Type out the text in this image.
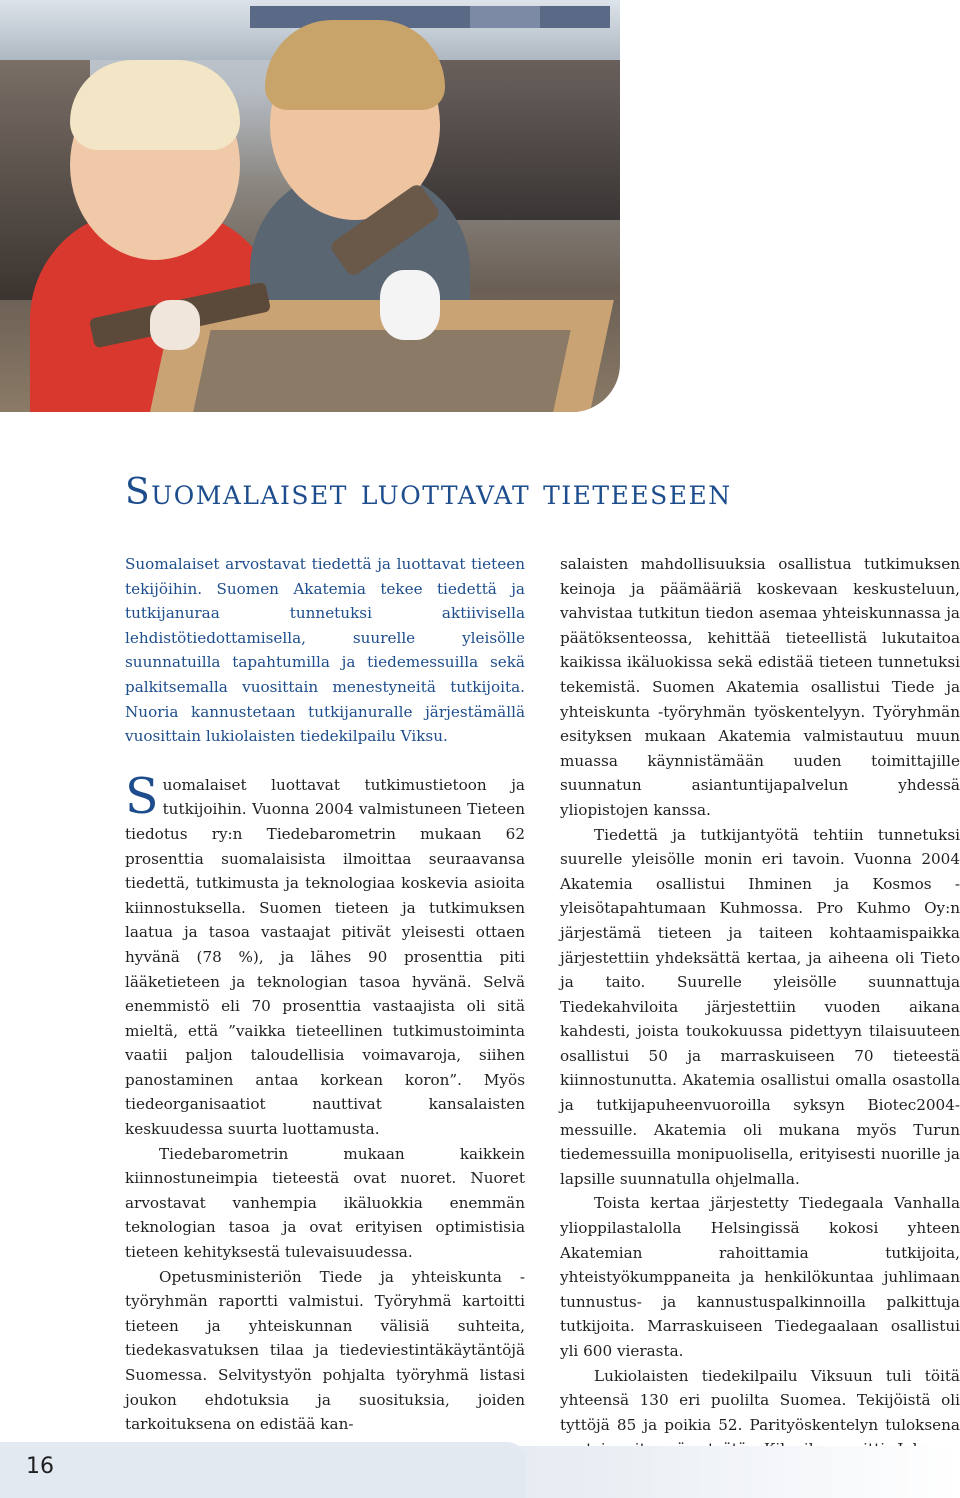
Suomalaiset luottavat tieteeseen

Suomalaiset arvostavat tiedettä ja luottavat tieteen tekijöihin. Suomen Akatemia tekee tiedettä ja tutkijanuraa tunnetuksi aktiivisella lehdistötiedottamisella, suurelle yleisölle suunnatuilla tapahtumilla ja tiedemessuilla sekä palkitsemalla vuosittain menestyneitä tutkijoita. Nuoria kannustetaan tutkijanuralle järjestämällä vuosittain lukiolaisten tiedekilpailu Viksu.

Suomalaiset luottavat tutkimustietoon ja tutkijoihin. Vuonna 2004 valmistuneen Tieteen tiedotus ry:n Tiedebarometrin mukaan 62 prosenttia suomalaisista ilmoittaa seuraavansa tiedettä, tutkimusta ja teknologiaa koskevia asioita kiinnostuksella. Suomen tieteen ja tutkimuksen laatua ja tasoa vastaajat pitivät yleisesti ottaen hyvänä (78 %), ja lähes 90 prosenttia piti lääketieteen ja teknologian tasoa hyvänä. Selvä enemmistö eli 70 prosenttia vastaajista oli sitä mieltä, että ”vaikka tieteellinen tutkimustoiminta vaatii paljon taloudellisia voimavaroja, siihen panostaminen antaa korkean koron”. Myös tiedeorganisaatiot nauttivat kansalaisten keskuudessa suurta luottamusta.

Tiedebarometrin mukaan kaikkein kiinnostuneimpia tieteestä ovat nuoret. Nuoret arvostavat vanhempia ikäluokkia enemmän teknologian tasoa ja ovat erityisen optimistisia tieteen kehityksestä tulevaisuudessa.

Opetusministeriön Tiede ja yhteiskunta -työryhmän raportti valmistui. Työryhmä kartoitti tieteen ja yhteiskunnan välisiä suhteita, tiedekasvatuksen tilaa ja tiedeviestintäkäytäntöjä Suomessa. Selvitystyön pohjalta työryhmä listasi joukon ehdotuksia ja suosituksia, joiden tarkoituksena on edistää kan-

salaisten mahdollisuuksia osallistua tutkimuksen keinoja ja päämääriä koskevaan keskusteluun, vahvistaa tutkitun tiedon asemaa yhteiskunnassa ja päätöksenteossa, kehittää tieteellistä lukutaitoa kaikissa ikäluokissa sekä edistää tieteen tunnetuksi tekemistä. Suomen Akatemia osallistui Tiede ja yhteiskunta -työryhmän työskentelyyn. Työryhmän esityksen mukaan Akatemia valmistautuu muun muassa käynnistämään uuden toimittajille suunnatun asiantuntijapalvelun yhdessä yliopistojen kanssa.

Tiedettä ja tutkijantyötä tehtiin tunnetuksi suurelle yleisölle monin eri tavoin. Vuonna 2004 Akatemia osallistui Ihminen ja Kosmos -yleisötapahtumaan Kuhmossa. Pro Kuhmo Oy:n järjestämä tieteen ja taiteen kohtaamispaikka järjestettiin yhdeksättä kertaa, ja aiheena oli Tieto ja taito. Suurelle yleisölle suunnattuja Tiedekahviloita järjestettiin vuoden aikana kahdesti, joista toukokuussa pidettyyn tilaisuuteen osallistui 50 ja marraskuiseen 70 tieteestä kiinnostunutta. Akatemia osallistui omalla osastolla ja tutkijapuheenvuoroilla syksyn Biotec2004-messuille. Akatemia oli mukana myös Turun tiedemessuilla monipuolisella, erityisesti nuorille ja lapsille suunnatulla ohjelmalla.

Toista kertaa järjestetty Tiedegaala Vanhalla ylioppilastalolla Helsingissä kokosi yhteen Akatemian rahoittamia tutkijoita, yhteistyökumppaneita ja henkilökuntaa juhlimaan tunnustus- ja kannustuspalkinnoilla palkittuja tutkijoita. Marraskuiseen Tiedegaalaan osallistui yli 600 vierasta.

Lukiolaisten tiedekilpailu Viksuun tuli töitä yhteensä 130 eri puolilta Suomea. Tekijöistä oli tyttöjä 85 ja poikia 52. Parityöskentelyn tuloksena

16
